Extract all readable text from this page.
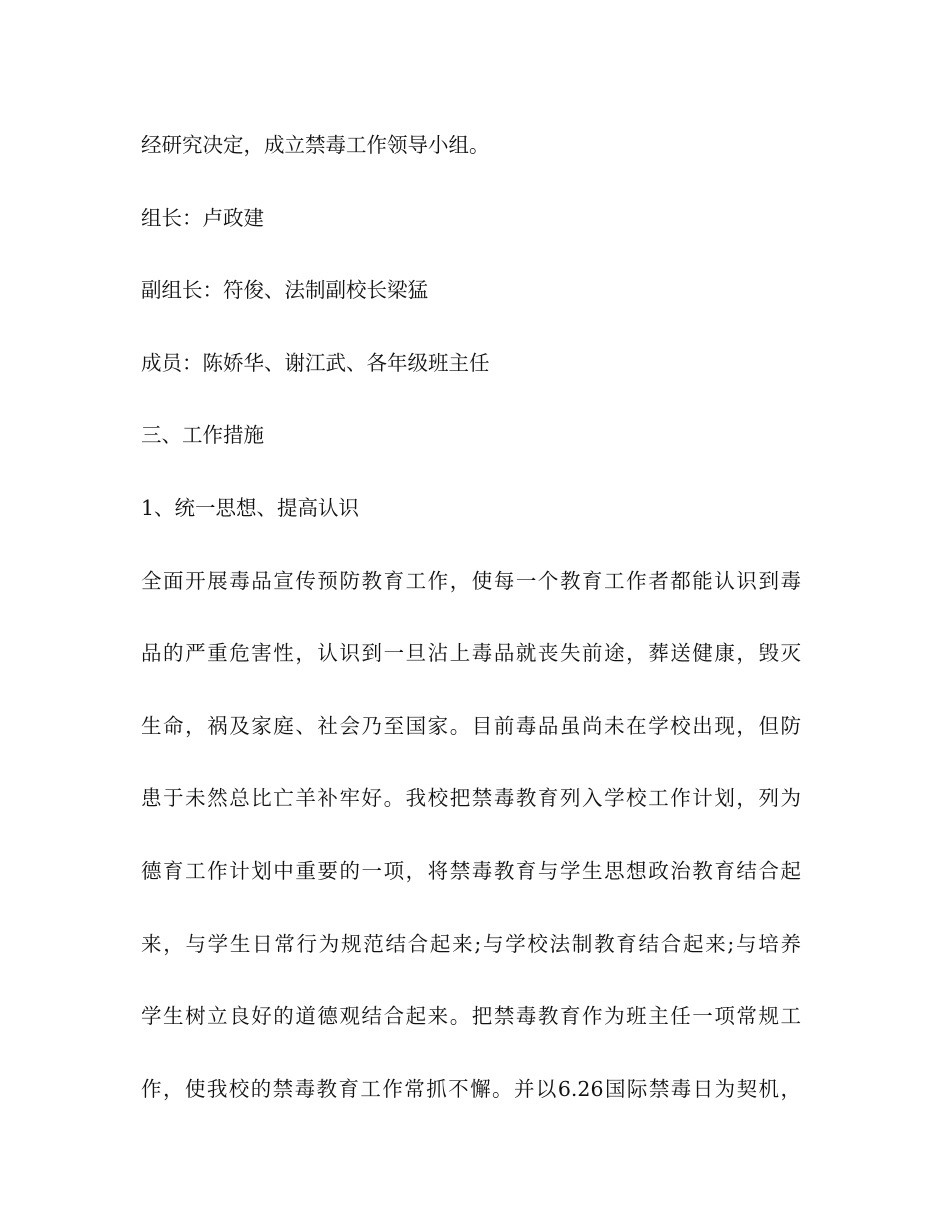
经研究决定，成立禁毒工作领导小组。

组长：卢政建

副组长：符俊、法制副校长梁猛

成员：陈娇华、谢江武、各年级班主任

三、工作措施

1、统一思想、提高认识

全面开展毒品宣传预防教育工作，使每一个教育工作者都能认识到毒

品的严重危害性，认识到一旦沾上毒品就丧失前途，葬送健康，毁灭

生命，祸及家庭、社会乃至国家。目前毒品虽尚未在学校出现，但防

患于未然总比亡羊补牢好。我校把禁毒教育列入学校工作计划，列为

德育工作计划中重要的一项，将禁毒教育与学生思想政治教育结合起

来，与学生日常行为规范结合起来;与学校法制教育结合起来;与培养

学生树立良好的道德观结合起来。把禁毒教育作为班主任一项常规工

作，使我校的禁毒教育工作常抓不懈。并以6.26国际禁毒日为契机，
